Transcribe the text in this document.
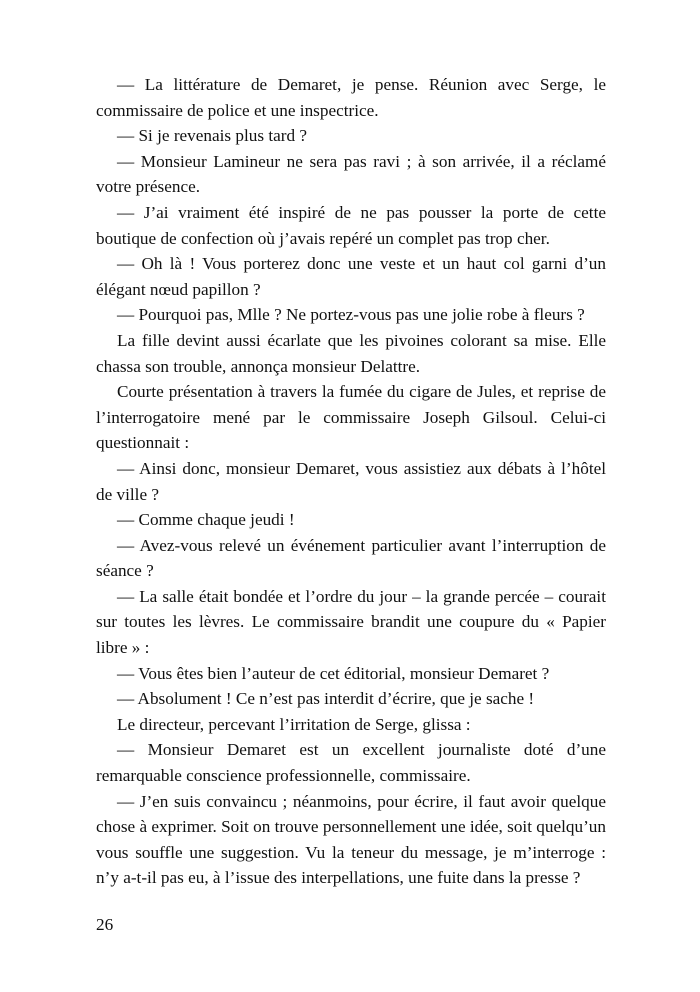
— La littérature de Demaret, je pense. Réunion avec Serge, le commissaire de police et une inspectrice.

— Si je revenais plus tard ?

— Monsieur Lamineur ne sera pas ravi ; à son arrivée, il a réclamé votre présence.

— J’ai vraiment été inspiré de ne pas pousser la porte de cette boutique de confection où j’avais repéré un complet pas trop cher.

— Oh là ! Vous porterez donc une veste et un haut col garni d’un élégant nœud papillon ?

— Pourquoi pas, Mlle ? Ne portez-vous pas une jolie robe à fleurs ?

La fille devint aussi écarlate que les pivoines colorant sa mise. Elle chassa son trouble, annonça monsieur Delattre.

Courte présentation à travers la fumée du cigare de Jules, et reprise de l’interrogatoire mené par le commissaire Joseph Gilsoul. Celui-ci questionnait :

— Ainsi donc, monsieur Demaret, vous assistiez aux débats à l’hôtel de ville ?

— Comme chaque jeudi !

— Avez-vous relevé un événement particulier avant l’interruption de séance ?

— La salle était bondée et l’ordre du jour – la grande percée – courait sur toutes les lèvres. Le commissaire brandit une coupure du « Papier libre » :

— Vous êtes bien l’auteur de cet éditorial, monsieur Demaret ?

— Absolument ! Ce n’est pas interdit d’écrire, que je sache !

Le directeur, percevant l’irritation de Serge, glissa :

— Monsieur Demaret est un excellent journaliste doté d’une remarquable conscience professionnelle, commissaire.

— J’en suis convaincu ; néanmoins, pour écrire, il faut avoir quelque chose à exprimer. Soit on trouve personnellement une idée, soit quelqu’un vous souffle une suggestion. Vu la teneur du message, je m’interroge : n’y a-t-il pas eu, à l’issue des interpellations, une fuite dans la presse ?

26
